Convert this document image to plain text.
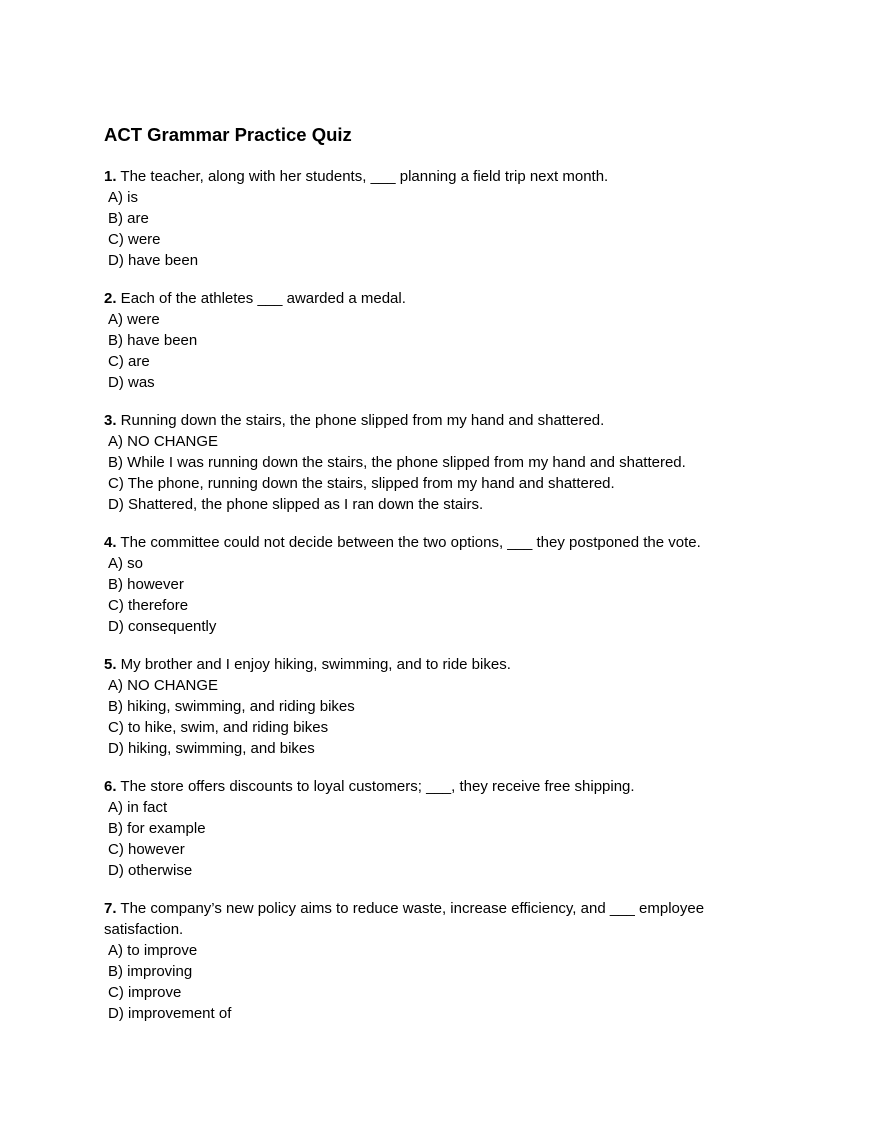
ACT Grammar Practice Quiz
1. The teacher, along with her students, ___ planning a field trip next month.
A) is
B) are
C) were
D) have been
2. Each of the athletes ___ awarded a medal.
A) were
B) have been
C) are
D) was
3. Running down the stairs, the phone slipped from my hand and shattered.
A) NO CHANGE
B) While I was running down the stairs, the phone slipped from my hand and shattered.
C) The phone, running down the stairs, slipped from my hand and shattered.
D) Shattered, the phone slipped as I ran down the stairs.
4. The committee could not decide between the two options, ___ they postponed the vote.
A) so
B) however
C) therefore
D) consequently
5. My brother and I enjoy hiking, swimming, and to ride bikes.
A) NO CHANGE
B) hiking, swimming, and riding bikes
C) to hike, swim, and riding bikes
D) hiking, swimming, and bikes
6. The store offers discounts to loyal customers; ___, they receive free shipping.
A) in fact
B) for example
C) however
D) otherwise
7. The company’s new policy aims to reduce waste, increase efficiency, and ___ employee satisfaction.
A) to improve
B) improving
C) improve
D) improvement of
